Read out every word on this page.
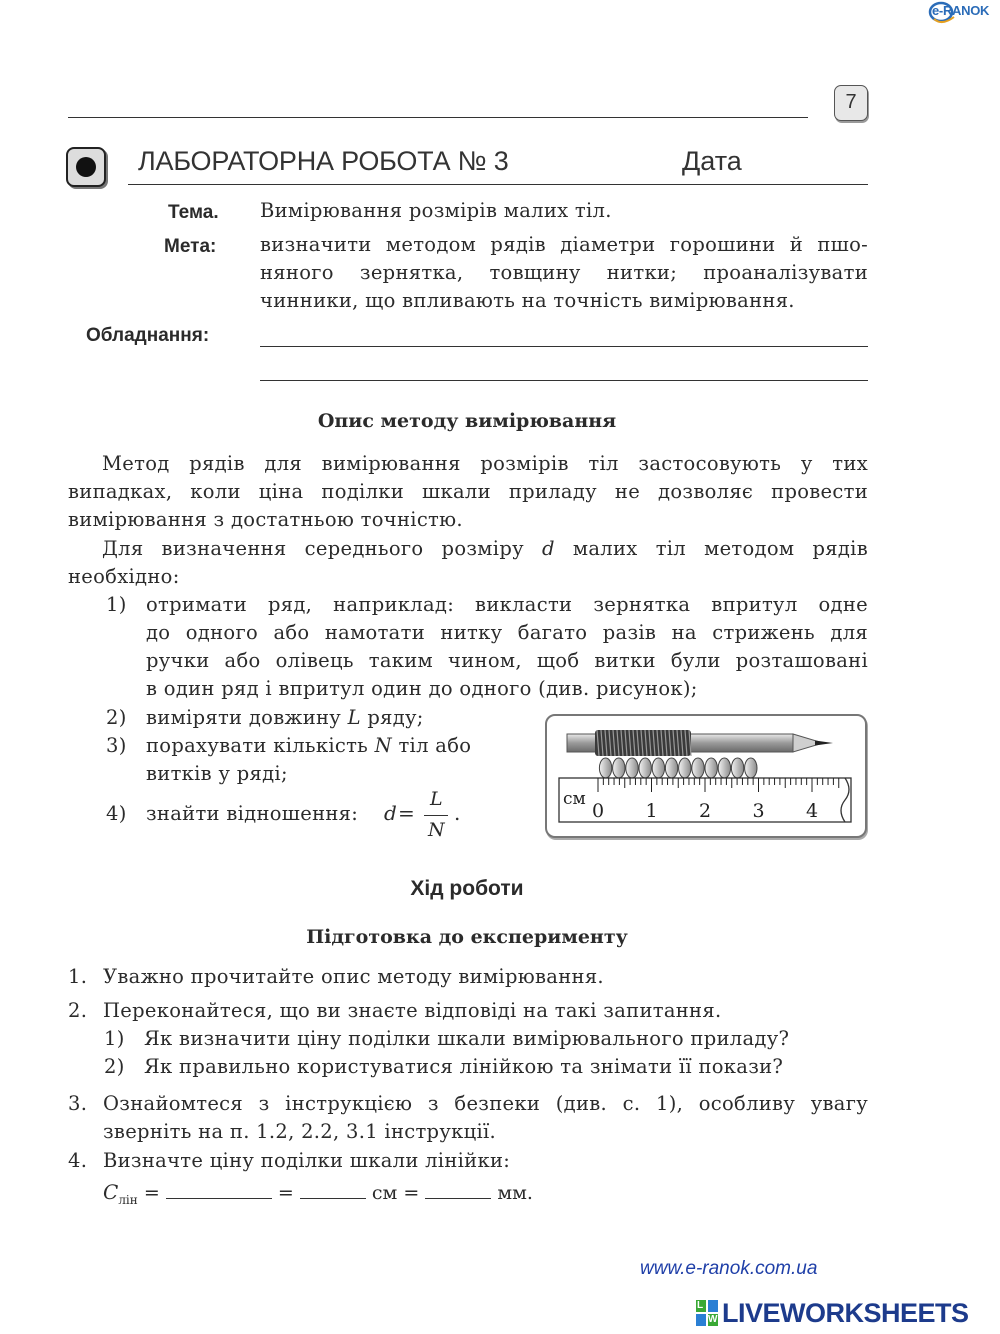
e-RANOK
7
ЛАБОРАТОРНА РОБОТА № 3	Дата
Тема. Вимірювання розмірів малих тіл.
Мета: визначити методом рядів діаметри горошини й пшо-
няного зернятка, товщину нитки; проаналізувати
чинники, що впливають на точність вимірювання.
Обладнання:
Опис методу вимірювання
Метод рядів для вимірювання розмірів тіл застосовують у тих
випадках, коли ціна поділки шкали приладу не дозволяє провести
вимірювання з достатньою точністю.
Для визначення середнього розміру d малих тіл методом рядів
необхідно:
1) отримати ряд, наприклад: викласти зернятка впритул одне
до одного або намотати нитку багато разів на стрижень для
ручки або олівець таким чином, щоб витки були розташовані
в один ряд і впритул один до одного (див. рисунок);
2) виміряти довжину L ряду;
3) порахувати кількість N тіл або
витків у ряді;
4) знайти відношення: d =
L
N
.
см
0 1 2 3 4
Хід роботи
Підготовка до експерименту
1. Уважно прочитайте опис методу вимірювання.
2. Переконайтеся, що ви знаєте відповіді на такі запитання.
1) Як визначити ціну поділки шкали вимірювального приладу?
2) Як правильно користуватися лінійкою та знімати її покази?
3. Ознайомтеся з інструкцією з безпеки (див. с. 1), особливу увагу
зверніть на п. 1.2, 2.2, 3.1 інструкції.
4. Визначте ціну поділки шкали лінійки:
$C_{лін}$ =	=	см =	мм.
www.e-ranok.com.ua
L
W LIVEWORKSHEETS
